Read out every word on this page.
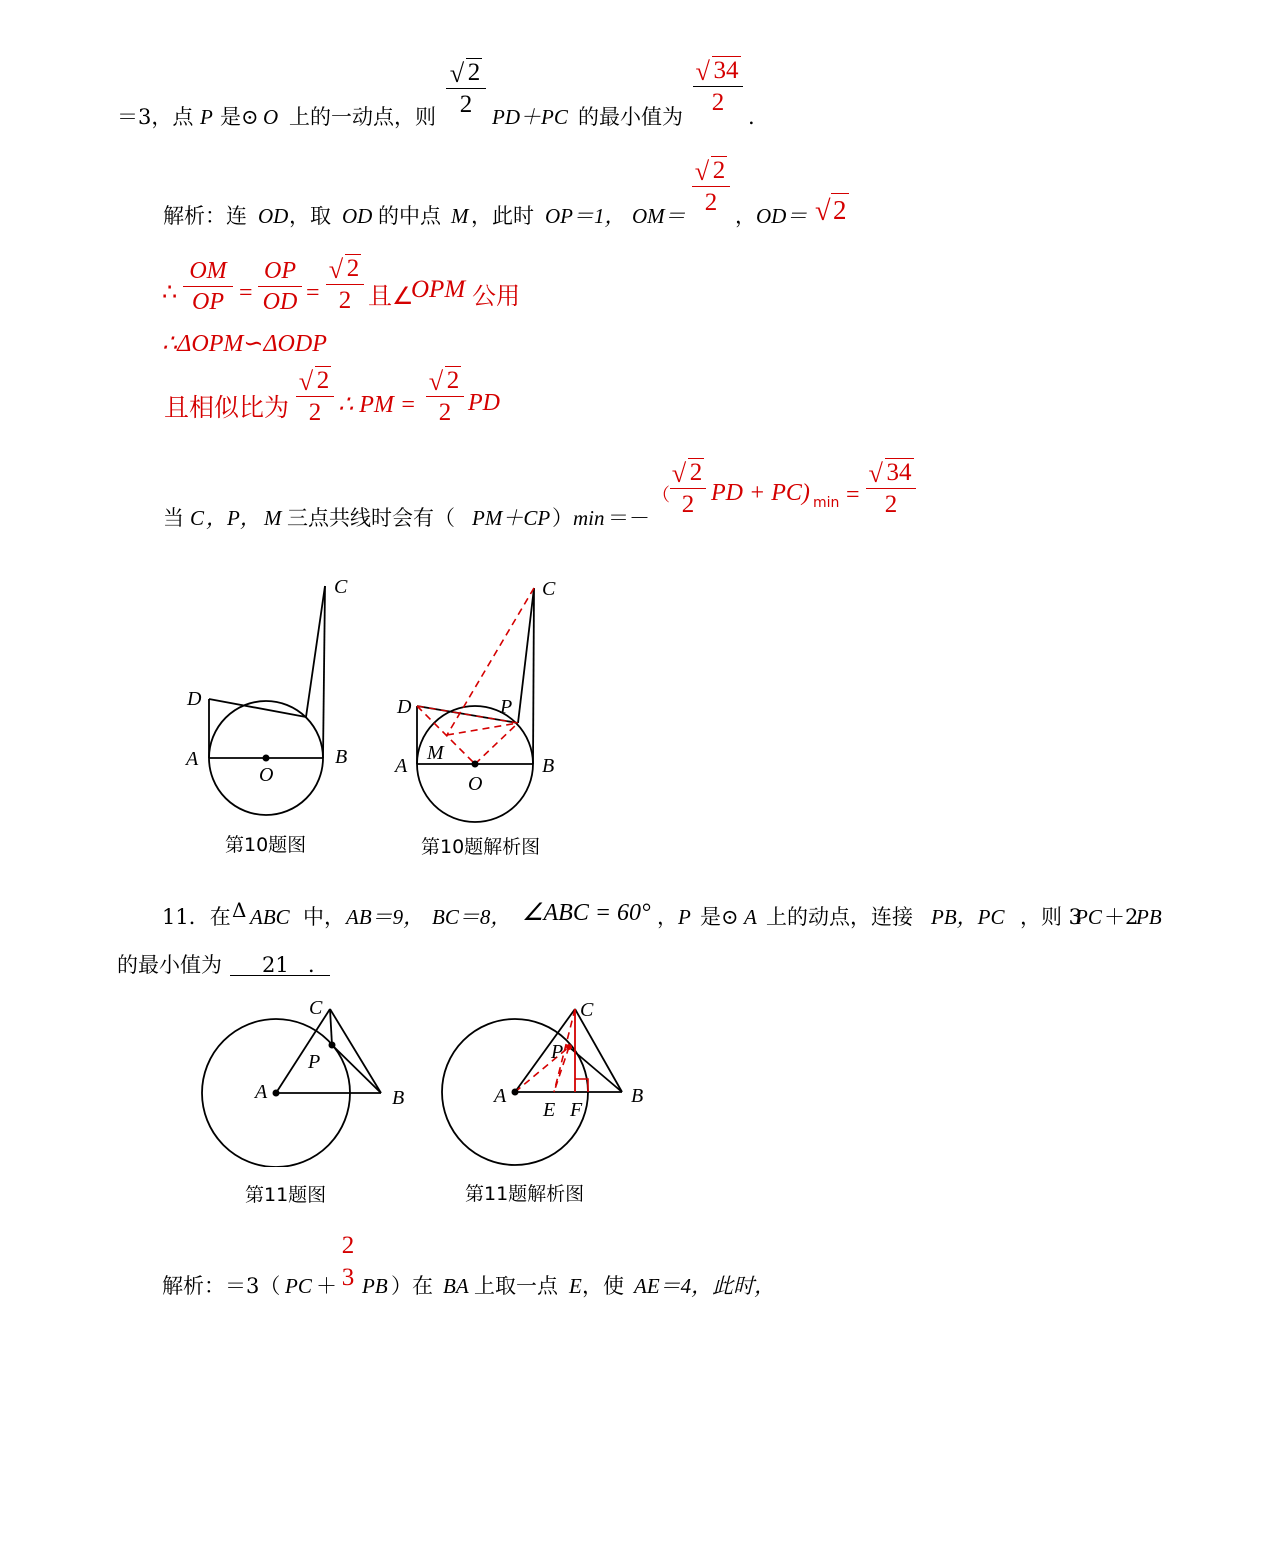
＝3，点 P 是⊙ O 上的一动点，则
√ 2
2 PD＋PC 的最小值为
√ 34
2
.
解析：连 OD ，取 OD 的中点 M ，此时 OP＝1， OM＝
√ 2
2 ， OD＝ √ 2
∴
OM
OP =
OP
OD =
√ 2
2 且∠
OPM 公用
∴ΔOPM∽ΔODP
且相似比为
√ 2
2 ∴ PM =
√ 2
2 PD
当 C ，P， M 三点共线时会有（ PM＋CP ） min ＝－
（
√ 2
2 PD + PC) min =
√ 34
2
C
D
A	B
O
第10题图
C
D	P
A
M
O
B
第10题解析图
11．在 Δ ABC 中， AB＝9， BC＝8， ∠ABC = 60° ， P 是⊙ A 上的动点，连接 PB，PC ，则 3
PC ＋2
PB
的最小值为 21 ．
C
P
A	B
第11题图
C
P
A
E F
B
第11题解析图
解析：＝3（ PC ＋
2
3 PB ）在 BA 上取一点 E ，使 AE＝4，此时，
